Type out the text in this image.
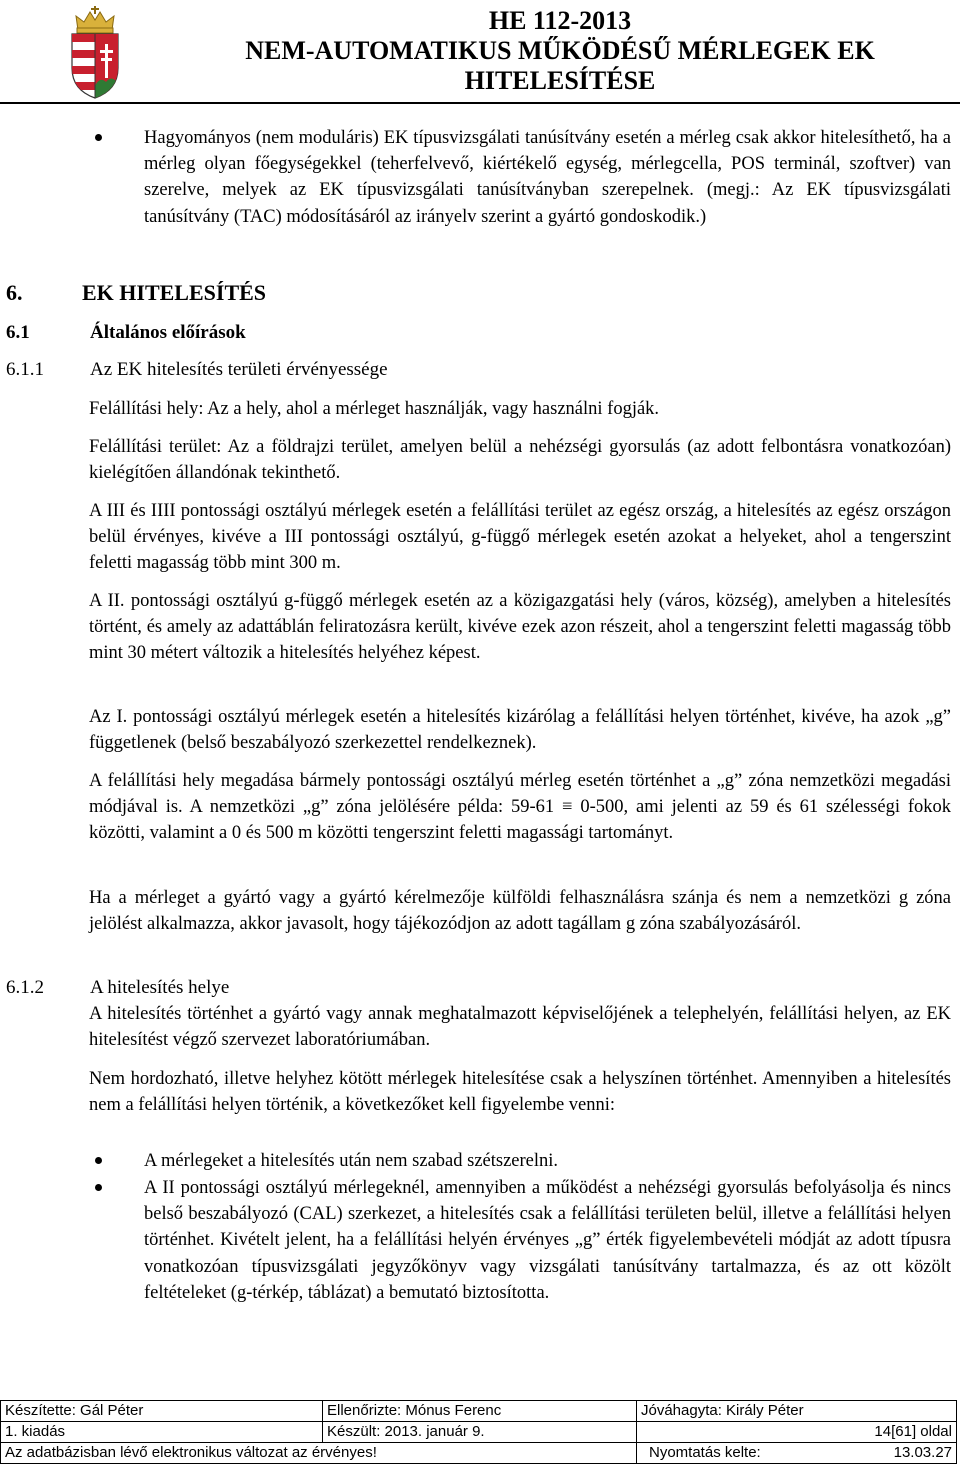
HE 112-2013
NEM-AUTOMATIKUS MŰKÖDÉSŰ MÉRLEGEK EK
HITELESÍTÉSE
Hagyományos (nem moduláris) EK típusvizsgálati tanúsítvány esetén a mérleg csak akkor hitelesíthető, ha a mérleg olyan főegységekkel (teherfelvevő, kiértékelő egység, mérlegcella, POS terminál, szoftver) van szerelve, melyek az EK típusvizsgálati tanúsítványban szerepelnek. (megj.: Az EK típusvizsgálati tanúsítvány (TAC) módosításáról az irányelv szerint a gyártó gondoskodik.)
6.	EK HITELESÍTÉS
6.1	Általános előírások
6.1.1 Az EK hitelesítés területi érvényessége
Felállítási hely: Az a hely, ahol a mérleget használják, vagy használni fogják.
Felállítási terület: Az a földrajzi terület, amelyen belül a nehézségi gyorsulás (az adott felbontásra vonatkozóan) kielégítően állandónak tekinthető.
A III és IIII pontossági osztályú mérlegek esetén a felállítási terület az egész ország, a hitelesítés az egész országon belül érvényes, kivéve a III pontossági osztályú, g-függő mérlegek esetén azokat a helyeket, ahol a tengerszint feletti magasság több mint 300 m.
A II. pontossági osztályú g-függő mérlegek esetén az a közigazgatási hely (város, község), amelyben a hitelesítés történt, és amely az adattáblán feliratozásra került, kivéve ezek azon részeit, ahol a tengerszint feletti magasság több mint 30 métert változik a hitelesítés helyéhez képest.
Az I. pontossági osztályú mérlegek esetén a hitelesítés kizárólag a felállítási helyen történhet, kivéve, ha azok „g” függetlenek (belső beszabályozó szerkezettel rendelkeznek).
A felállítási hely megadása bármely pontossági osztályú mérleg esetén történhet a „g” zóna nemzetközi megadási módjával is. A nemzetközi „g” zóna jelölésére példa: 59-61 ≡ 0-500, ami jelenti az 59 és 61 szélességi fokok közötti, valamint a 0 és 500 m közötti tengerszint feletti magassági tartományt.
Ha a mérleget a gyártó vagy a gyártó kérelmezője külföldi felhasználásra szánja és nem a nemzetközi g zóna jelölést alkalmazza, akkor javasolt, hogy tájékozódjon az adott tagállam g zóna szabályozásáról.
6.1.2 A hitelesítés helye
A hitelesítés történhet a gyártó vagy annak meghatalmazott képviselőjének a telephelyén, felállítási helyen, az EK hitelesítést végző szervezet laboratóriumában.
Nem hordozható, illetve helyhez kötött mérlegek hitelesítése csak a helyszínen történhet. Amennyiben a hitelesítés nem a felállítási helyen történik, a következőket kell figyelembe venni:
A mérlegeket a hitelesítés után nem szabad szétszerelni.
A II pontossági osztályú mérlegeknél, amennyiben a működést a nehézségi gyorsulás befolyásolja és nincs belső beszabályozó (CAL) szerkezet, a hitelesítés csak a felállítási területen belül, illetve a felállítási helyen történhet. Kivételt jelent, ha a felállítási helyén érvényes „g” érték figyelembevételi módját az adott típusra vonatkozóan típusvizsgálati jegyzőkönyv vagy vizsgálati tanúsítvány tartalmazza, és az ott közölt feltételeket (g-térkép, táblázat) a bemutató biztosította.
Készítette: Gál Péter	Ellenőrizte: Mónus Ferenc	Jóváhagyta: Király Péter
1. kiadás	Készült: 2013. január 9.	14[61] oldal
Az adatbázisban lévő elektronikus változat az érvényes! Nyomtatás kelte:		13.03.27
